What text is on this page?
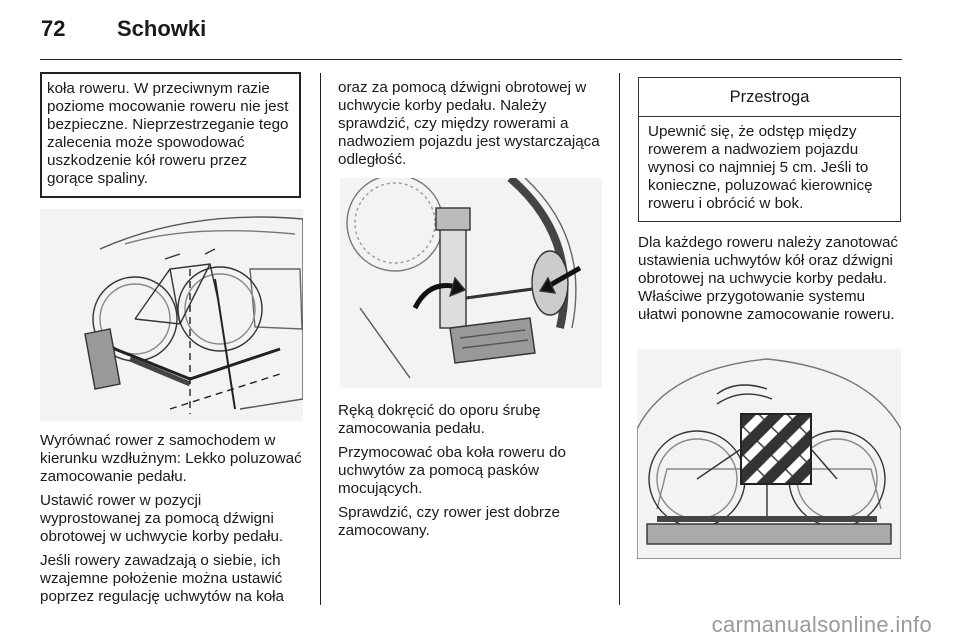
72 Schowki
koła roweru. W przeciwnym razie poziome mocowanie roweru nie jest bezpieczne. Nieprzestrzeganie tego zalecenia może spowodować uszkodzenie kół roweru przez gorące spaliny.

Wyrównać rower z samochodem w kierunku wzdłużnym: Lekko poluzować zamocowanie pedału.

Ustawić rower w pozycji wyprostowanej za pomocą dźwigni obrotowej w uchwycie korby pedału.

Jeśli rowery zawadzają o siebie, ich wzajemne położenie można ustawić poprzez regulację uchwytów na koła

oraz za pomocą dźwigni obrotowej w uchwycie korby pedału. Należy sprawdzić, czy między rowerami a nadwoziem pojazdu jest wystarczająca odległość.

Ręką dokręcić do oporu śrubę zamocowania pedału.

Przymocować oba koła roweru do uchwytów za pomocą pasków mocujących.

Sprawdzić, czy rower jest dobrze zamocowany.

Przestroga
Upewnić się, że odstęp między rowerem a nadwoziem pojazdu wynosi co najmniej 5 cm. Jeśli to konieczne, poluzować kierownicę roweru i obrócić w bok.

Dla każdego roweru należy zanotować ustawienia uchwytów kół oraz dźwigni obrotowej na uchwycie korby pedału. Właściwe przygotowanie systemu ułatwi ponowne zamocowanie roweru.

carmanualsonline.info
